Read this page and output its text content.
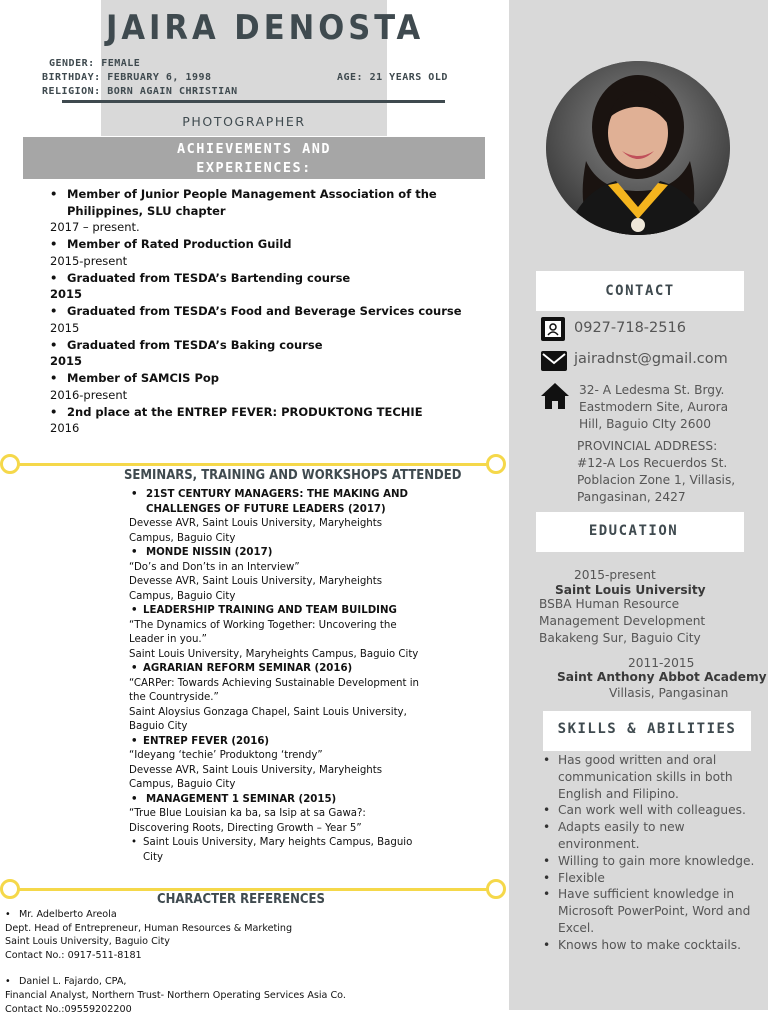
JAIRA DENOSTA
GENDER: FEMALE
BIRTHDAY: FEBRUARY 6, 1998	AGE: 21 YEARS OLD
RELIGION: BORN AGAIN CHRISTIAN
PHOTOGRAPHER
ACHIEVEMENTS AND
EXPERIENCES:
• Member of Junior People Management Association of the Philippines, SLU chapter
2017 – present.
• Member of Rated Production Guild
2015-present
• Graduated from TESDA’s Bartending course
2015
• Graduated from TESDA’s Food and Beverage Services course
2015
• Graduated from TESDA’s Baking course
2015
• Member of SAMCIS Pop
2016-present
• 2nd place at the ENTREP FEVER: PRODUKTONG TECHIE
2016
SEMINARS, TRAINING AND WORKSHOPS ATTENDED
• 21ST CENTURY MANAGERS: THE MAKING AND CHALLENGES OF FUTURE LEADERS (2017)
Devesse AVR, Saint Louis University, Maryheights Campus, Baguio City
• MONDE NISSIN (2017)
“Do’s and Don’ts in an Interview”
Devesse AVR, Saint Louis University, Maryheights Campus, Baguio City
• LEADERSHIP TRAINING AND TEAM BUILDING
“The Dynamics of Working Together: Uncovering the Leader in you.”
Saint Louis University, Maryheights Campus, Baguio City
• AGRARIAN REFORM SEMINAR (2016)
“CARPer: Towards Achieving Sustainable Development in the Countryside.”
Saint Aloysius Gonzaga Chapel, Saint Louis University, Baguio City
• ENTREP FEVER (2016)
“Ideyang ‘techie’ Produktong ‘trendy”
Devesse AVR, Saint Louis University, Maryheights Campus, Baguio City
• MANAGEMENT 1 SEMINAR (2015)
“True Blue Louisian ka ba, sa Isip at sa Gawa?: Discovering Roots, Directing Growth – Year 5”
• Saint Louis University, Mary heights Campus, Baguio City
CHARACTER REFERENCES
• Mr. Adelberto Areola
Dept. Head of Entrepreneur, Human Resources & Marketing
Saint Louis University, Baguio City
Contact No.: 0917-511-8181
• Daniel L. Fajardo, CPA,
Financial Analyst, Northern Trust- Northern Operating Services Asia Co.
Contact No.:09559202200
CONTACT
0927-718-2516
jairadnst@gmail.com
32- A Ledesma St. Brgy.
Eastmodern Site, Aurora
Hill, Baguio CIty 2600
PROVINCIAL ADDRESS:
#12-A Los Recuerdos St.
Poblacion Zone 1, Villasis,
Pangasinan, 2427
EDUCATION
2015-present
Saint Louis University
BSBA Human Resource
Management Development
Bakakeng Sur, Baguio City
2011-2015
Saint Anthony Abbot Academy
Villasis, Pangasinan
SKILLS & ABILITIES
• Has good written and oral communication skills in both English and Filipino.
• Can work well with colleagues.
• Adapts easily to new environment.
• Willing to gain more knowledge.
• Flexible
• Have sufficient knowledge in Microsoft PowerPoint, Word and Excel.
• Knows how to make cocktails.
